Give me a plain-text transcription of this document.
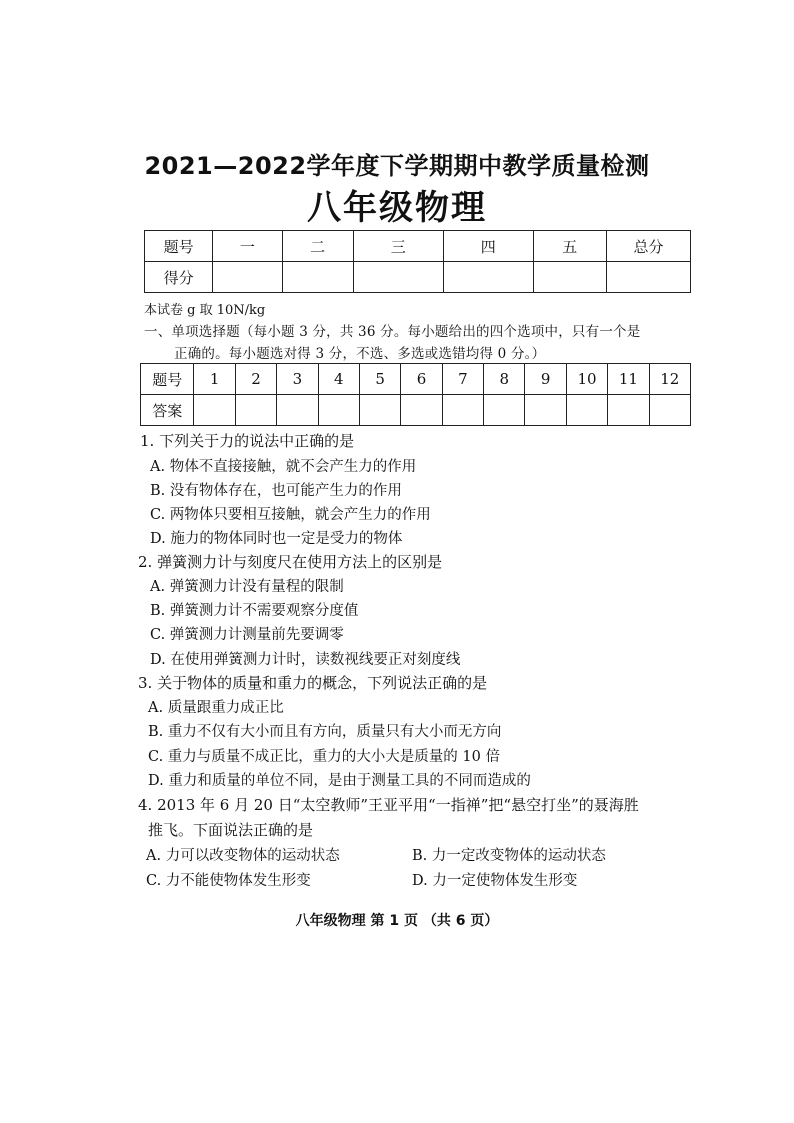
2021—2022学年度下学期期中教学质量检测
八年级物理
题号	一	二	三	四	五	总分
得分						
本试卷 g 取 10N/kg
一、单项选择题（每小题 3 分，共 36 分。每小题给出的四个选项中，只有一个是
正确的。每小题选对得 3 分，不选、多选或选错均得 0 分。）
题号	1	2	3	4	5	6	7	8	9	10	11	12
答案												
1. 下列关于力的说法中正确的是
A. 物体不直接接触，就不会产生力的作用
B. 没有物体存在，也可能产生力的作用
C. 两物体只要相互接触，就会产生力的作用
D. 施力的物体同时也一定是受力的物体
2. 弹簧测力计与刻度尺在使用方法上的区别是
A. 弹簧测力计没有量程的限制
B. 弹簧测力计不需要观察分度值
C. 弹簧测力计测量前先要调零
D. 在使用弹簧测力计时，读数视线要正对刻度线
3. 关于物体的质量和重力的概念，下列说法正确的是
A. 质量跟重力成正比
B. 重力不仅有大小而且有方向，质量只有大小而无方向
C. 重力与质量不成正比，重力的大小大是质量的 10 倍
D. 重力和质量的单位不同，是由于测量工具的不同而造成的
4. 2013 年 6 月 20 日“太空教师”王亚平用“一指禅”把“悬空打坐”的聂海胜
推飞。下面说法正确的是
A. 力可以改变物体的运动状态	B. 力一定改变物体的运动状态
C. 力不能使物体发生形变	D. 力一定使物体发生形变
八年级物理 第 1 页 （共 6 页）
